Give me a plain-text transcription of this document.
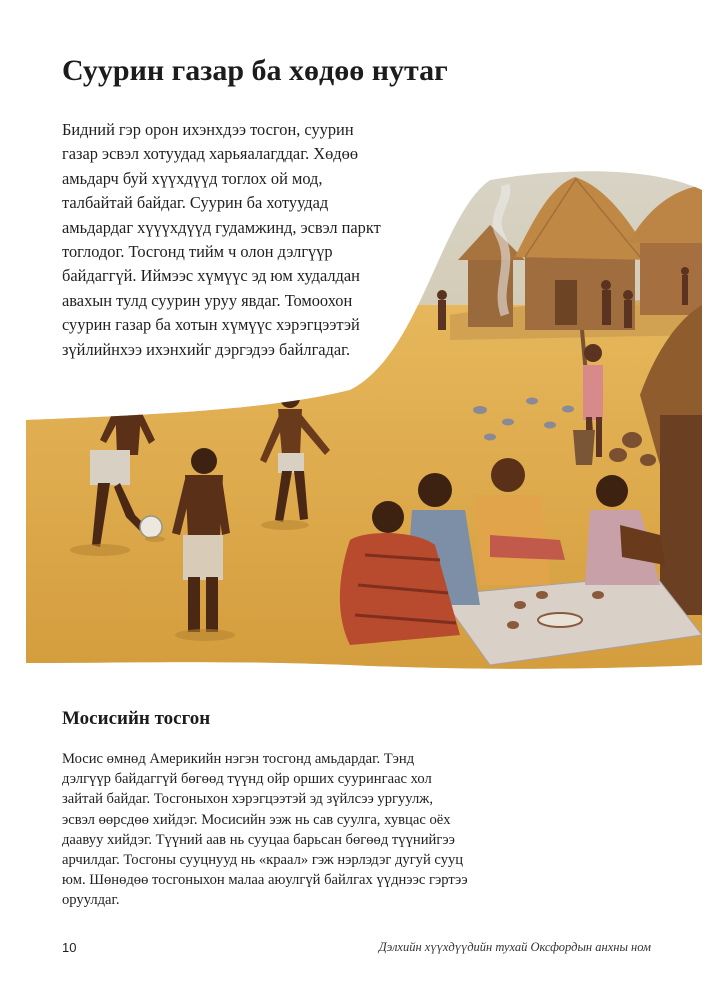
Суурин газар ба хөдөө нутаг
Бидний гэр орон ихэнхдээ тосгон, суурин
газар эсвэл хотуудад харьяалагддаг. Хөдөө
амьдарч буй хүүхдүүд тоглох ой мод,
талбайтай байдаг. Суурин ба хотуудад
амьдардаг хүүүхдүүд гудамжинд, эсвэл паркт
тоглодог. Тосгонд тийм ч олон дэлгүүр
байдаггүй. Иймээс хүмүүс эд юм худалдан
авахын тулд суурин уруу явдаг. Томоохон
суурин газар ба хотын хүмүүс хэрэгцээтэй
зүйлийнхээ ихэнхийг дэргэдээ байлгадаг.
Мосисийн тосгон
Мосис өмнөд Америкийн нэгэн тосгонд амьдардаг. Тэнд
дэлгүүр байдаггүй бөгөөд түүнд ойр орших суурингаас хол
зайтай байдаг. Тосгоныхон хэрэгцээтэй эд зүйлсээ ургуулж,
эсвэл өөрсдөө хийдэг. Мосисийн ээж нь сав суулга, хувцас оёх
даавуу хийдэг. Түүний аав нь сууцаа барьсан бөгөөд түүнийгээ
арчилдаг. Тосгоны сууцнууд нь «краал» гэж нэрлэдэг дугуй сууц
юм. Шөнөдөө тосгоныхон малаа аюулгүй байлгах үүднээс гэртээ
оруулдаг.
10	Дэлхийн хүүхдүүдийн тухай Оксфордын анхны ном
